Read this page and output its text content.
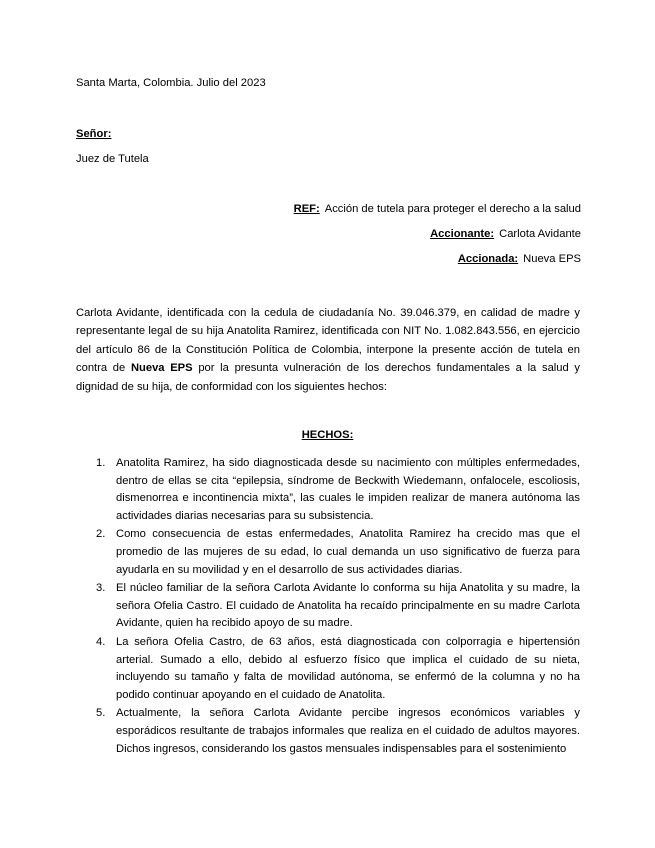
Santa Marta, Colombia. Julio del 2023
Señor:
Juez de Tutela
REF: Acción de tutela para proteger el derecho a la salud
Accionante: Carlota Avidante
Accionada: Nueva EPS
Carlota Avidante, identificada con la cedula de ciudadanía No. 39.046.379, en calidad de madre y representante legal de su hija Anatolita Ramirez, identificada con NIT No. 1.082.843.556, en ejercicio del artículo 86 de la Constitución Política de Colombia, interpone la presente acción de tutela en contra de Nueva EPS por la presunta vulneración de los derechos fundamentales a la salud y dignidad de su hija, de conformidad con los siguientes hechos:
HECHOS:
1. Anatolita Ramirez, ha sido diagnosticada desde su nacimiento con múltiples enfermedades, dentro de ellas se cita “epilepsia, síndrome de Beckwith Wiedemann, onfalocele, escoliosis, dismenorrea e incontinencia mixta”, las cuales le impiden realizar de manera autónoma las actividades diarias necesarias para su subsistencia.
2. Como consecuencia de estas enfermedades, Anatolita Ramirez ha crecido mas que el promedio de las mujeres de su edad, lo cual demanda un uso significativo de fuerza para ayudarla en su movilidad y en el desarrollo de sus actividades diarias.
3. El núcleo familiar de la señora Carlota Avidante lo conforma su hija Anatolita y su madre, la señora Ofelia Castro. El cuidado de Anatolita ha recaído principalmente en su madre Carlota Avidante, quien ha recibido apoyo de su madre.
4. La señora Ofelia Castro, de 63 años, está diagnosticada con colporragia e hipertensión arterial. Sumado a ello, debido al esfuerzo físico que implica el cuidado de su nieta, incluyendo su tamaño y falta de movilidad autónoma, se enfermó de la columna y no ha podido continuar apoyando en el cuidado de Anatolita.
5. Actualmente, la señora Carlota Avidante percibe ingresos económicos variables y esporádicos resultante de trabajos informales que realiza en el cuidado de adultos mayores. Dichos ingresos, considerando los gastos mensuales indispensables para el sostenimiento
